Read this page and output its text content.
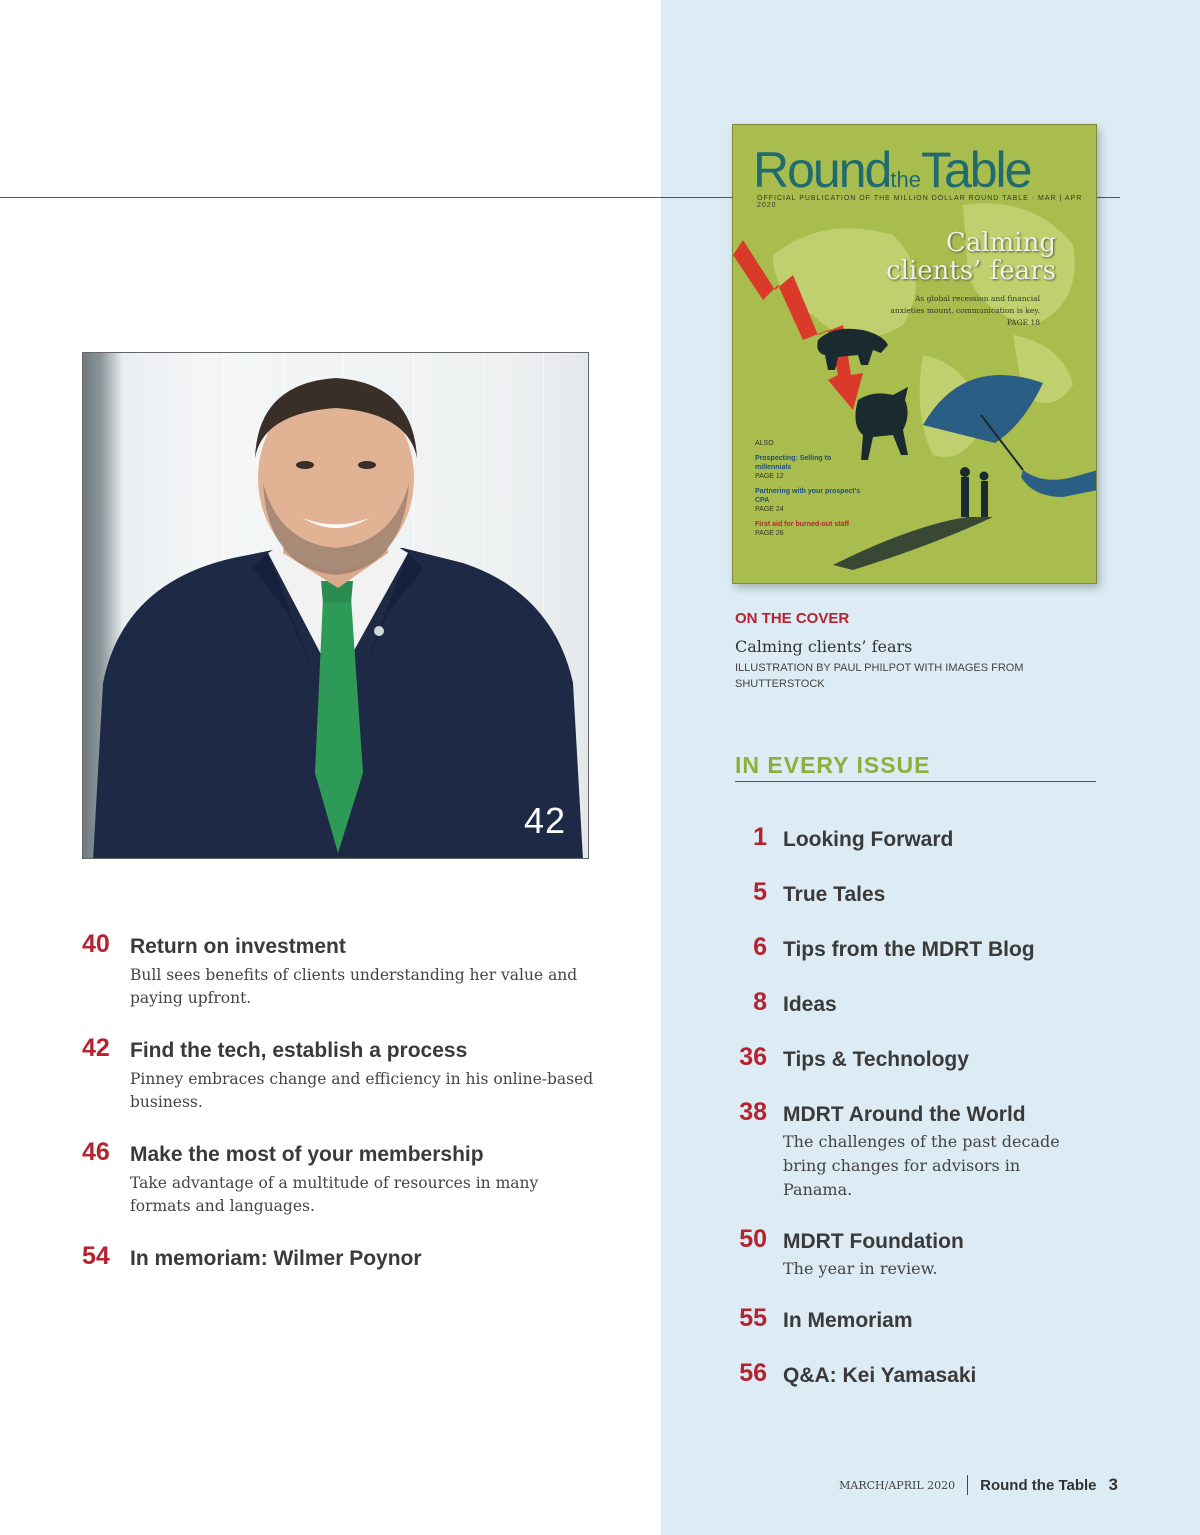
42
40 Return on investment
Bull sees benefits of clients understanding her value and paying upfront.
42 Find the tech, establish a process
Pinney embraces change and efficiency in his online-based business.
46 Make the most of your membership
Take advantage of a multitude of resources in many formats and languages.
54 In memoriam: Wilmer Poynor
RoundtheTable
OFFICIAL PUBLICATION OF THE MILLION DOLLAR ROUND TABLE · MAR | APR 2020
Calming clients’ fears
As global recession and financial anxieties mount, communication is key. PAGE 18
ALSO
Prospecting: Selling to millennials
PAGE 12
Partnering with your prospect's CPA
PAGE 24
First aid for burned-out staff
PAGE 26
ON THE COVER
Calming clients’ fears
ILLUSTRATION BY PAUL PHILPOT WITH IMAGES FROM SHUTTERSTOCK
IN EVERY ISSUE
1 Looking Forward
5 True Tales
6 Tips from the MDRT Blog
8 Ideas
36 Tips & Technology
38 MDRT Around the World
The challenges of the past decade bring changes for advisors in Panama.
50 MDRT Foundation
The year in review.
55 In Memoriam
56 Q&A: Kei Yamasaki
MARCH/APRIL 2020 Round the Table 3
